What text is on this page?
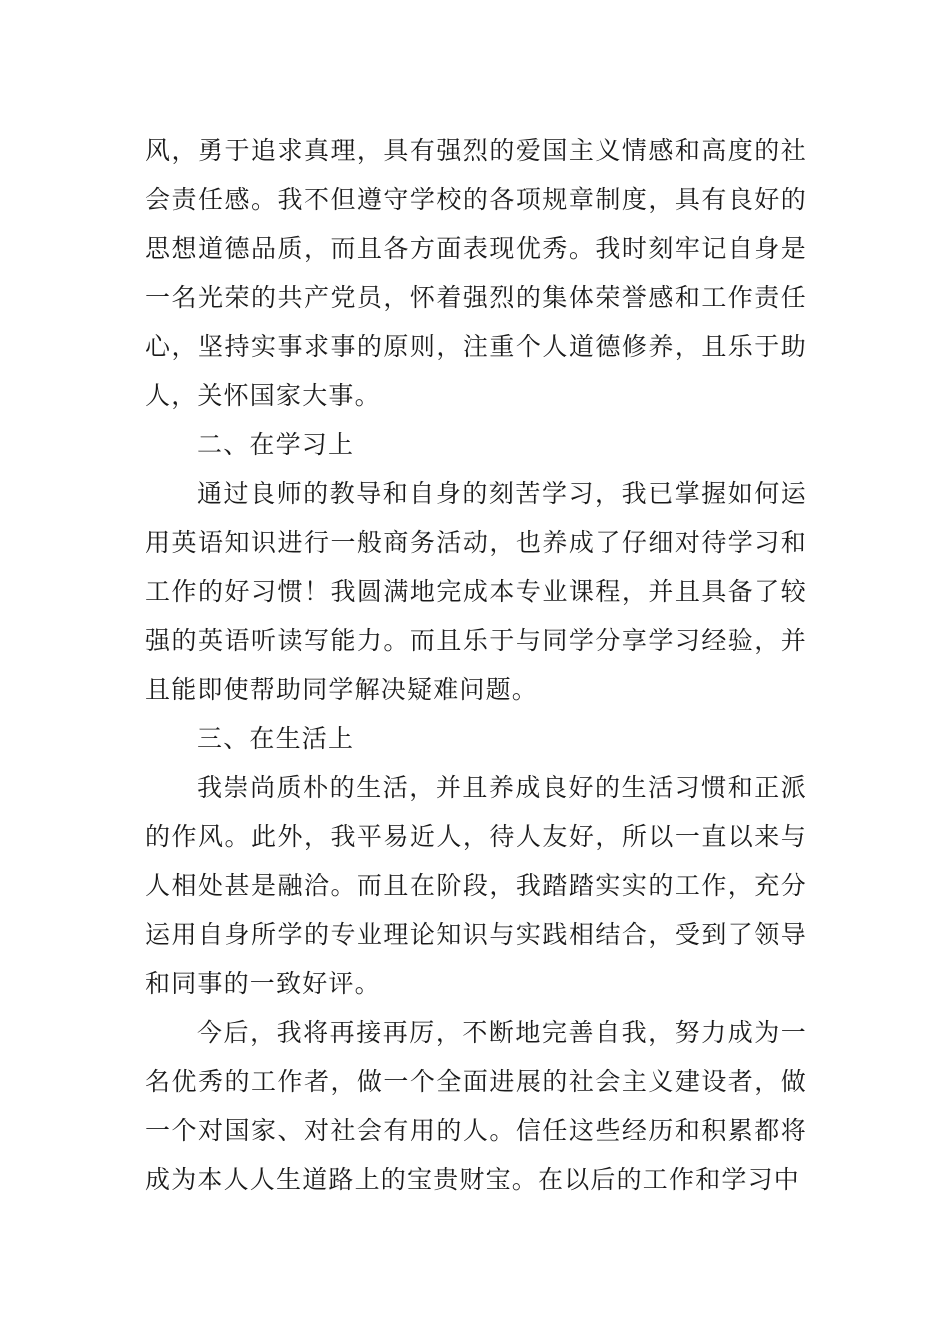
风，勇于追求真理，具有强烈的爱国主义情感和高度的社会责任感。我不但遵守学校的各项规章制度，具有良好的思想道德品质，而且各方面表现优秀。我时刻牢记自身是一名光荣的共产党员，怀着强烈的集体荣誉感和工作责任心，坚持实事求事的原则，注重个人道德修养，且乐于助人，关怀国家大事。

二、在学习上

通过良师的教导和自身的刻苦学习，我已掌握如何运用英语知识进行一般商务活动，也养成了仔细对待学习和工作的好习惯！我圆满地完成本专业课程，并且具备了较强的英语听读写能力。而且乐于与同学分享学习经验，并且能即使帮助同学解决疑难问题。

三、在生活上

我崇尚质朴的生活，并且养成良好的生活习惯和正派的作风。此外，我平易近人，待人友好，所以一直以来与人相处甚是融洽。而且在阶段，我踏踏实实的工作，充分运用自身所学的专业理论知识与实践相结合，受到了领导和同事的一致好评。

今后，我将再接再厉，不断地完善自我，努力成为一名优秀的工作者，做一个全面进展的社会主义建设者，做一个对国家、对社会有用的人。信任这些经历和积累都将成为本人人生道路上的宝贵财宝。在以后的工作和学习中
